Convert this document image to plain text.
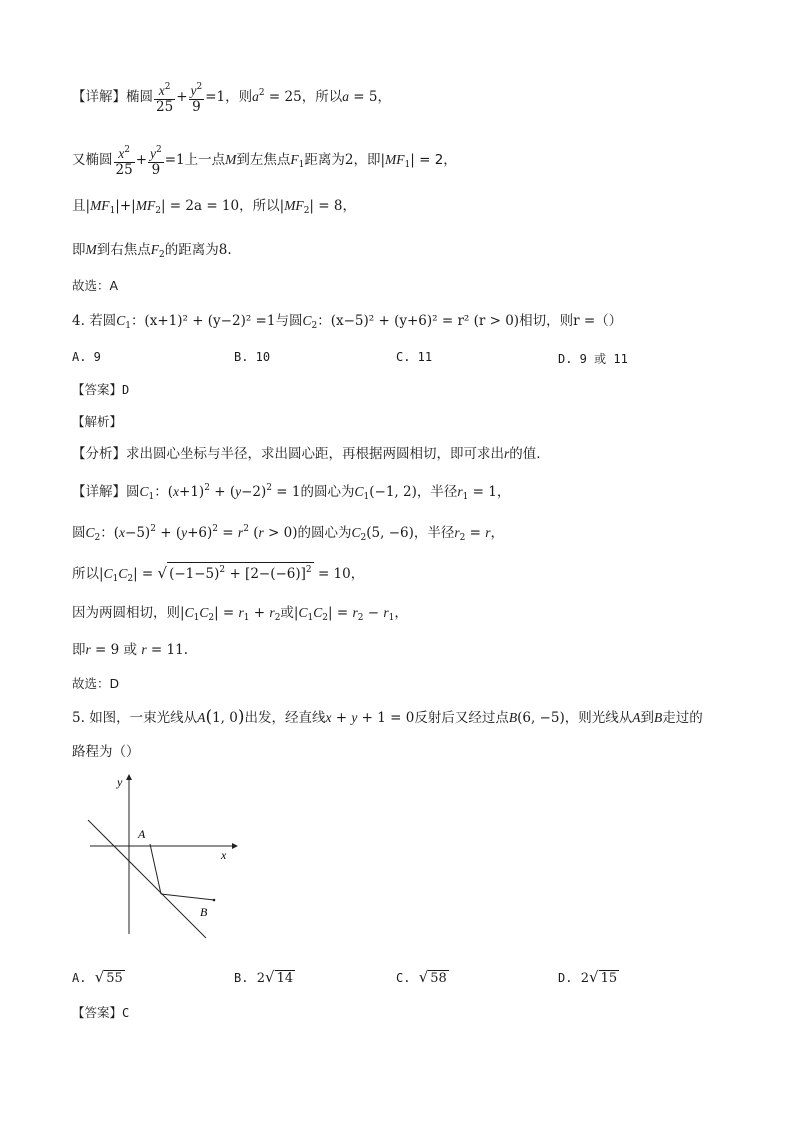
【详解】椭圆 $\frac{x^2}{25} + \frac{y^2}{9} =1$，则$a^2 = 25$，所以a = 5，
又椭圆 $\frac{x^2}{25} + \frac{y^2}{9} =1$上一点M到左焦点$F_1$距离为2，即$|MF_1| = 2$，
且$|MF_1|+|MF_2| = 2a = 10$，所以$|MF_2| = 8$，
即M到右焦点$F_2$的距离为8.
故选：A
4. 若圆$C_1$：(x+1)² + (y−2)² =1与圆$C_2$：(x−5)² + (y+6)² = r² (r > 0)相切，则r =（）
A. 9	B. 10	C. 11	D. 9 或 11
【答案】D
【解析】
【分析】求出圆心坐标与半径，求出圆心距，再根据两圆相切，即可求出r的值.
【详解】圆$C_1$：$(x+1)^2 + (y-2)^2 = 1$的圆心为$C_1(-1$, 2)，半径$r_1 = 1$，
圆$C_2$：$(x-5)^2 + (y+6)^2 = r^2$ (r > 0)的圆心为$C_2(5$, −6)，半径$r_2 = r$，
所以$|C_1C_2|$ = √ $(-1-5)^2 + [2-(-6)]^2 = 10$，
因为两圆相切，则$|C_1C_2| = r_1 + r_2$或$|C_1C_2| = r_2 - r_1$，
即r = 9 或 r = 11.
故选：D
5. 如图，一束光线从A(1, 0)出发，经直线x + y + 1 = 0反射后又经过点B(6, −5)，则光线从A到B走过的
路程为（）
y
x
A
B
A. √ 55	B. 2√ 14	C. √ 58	D. 2√ 15
【答案】C
